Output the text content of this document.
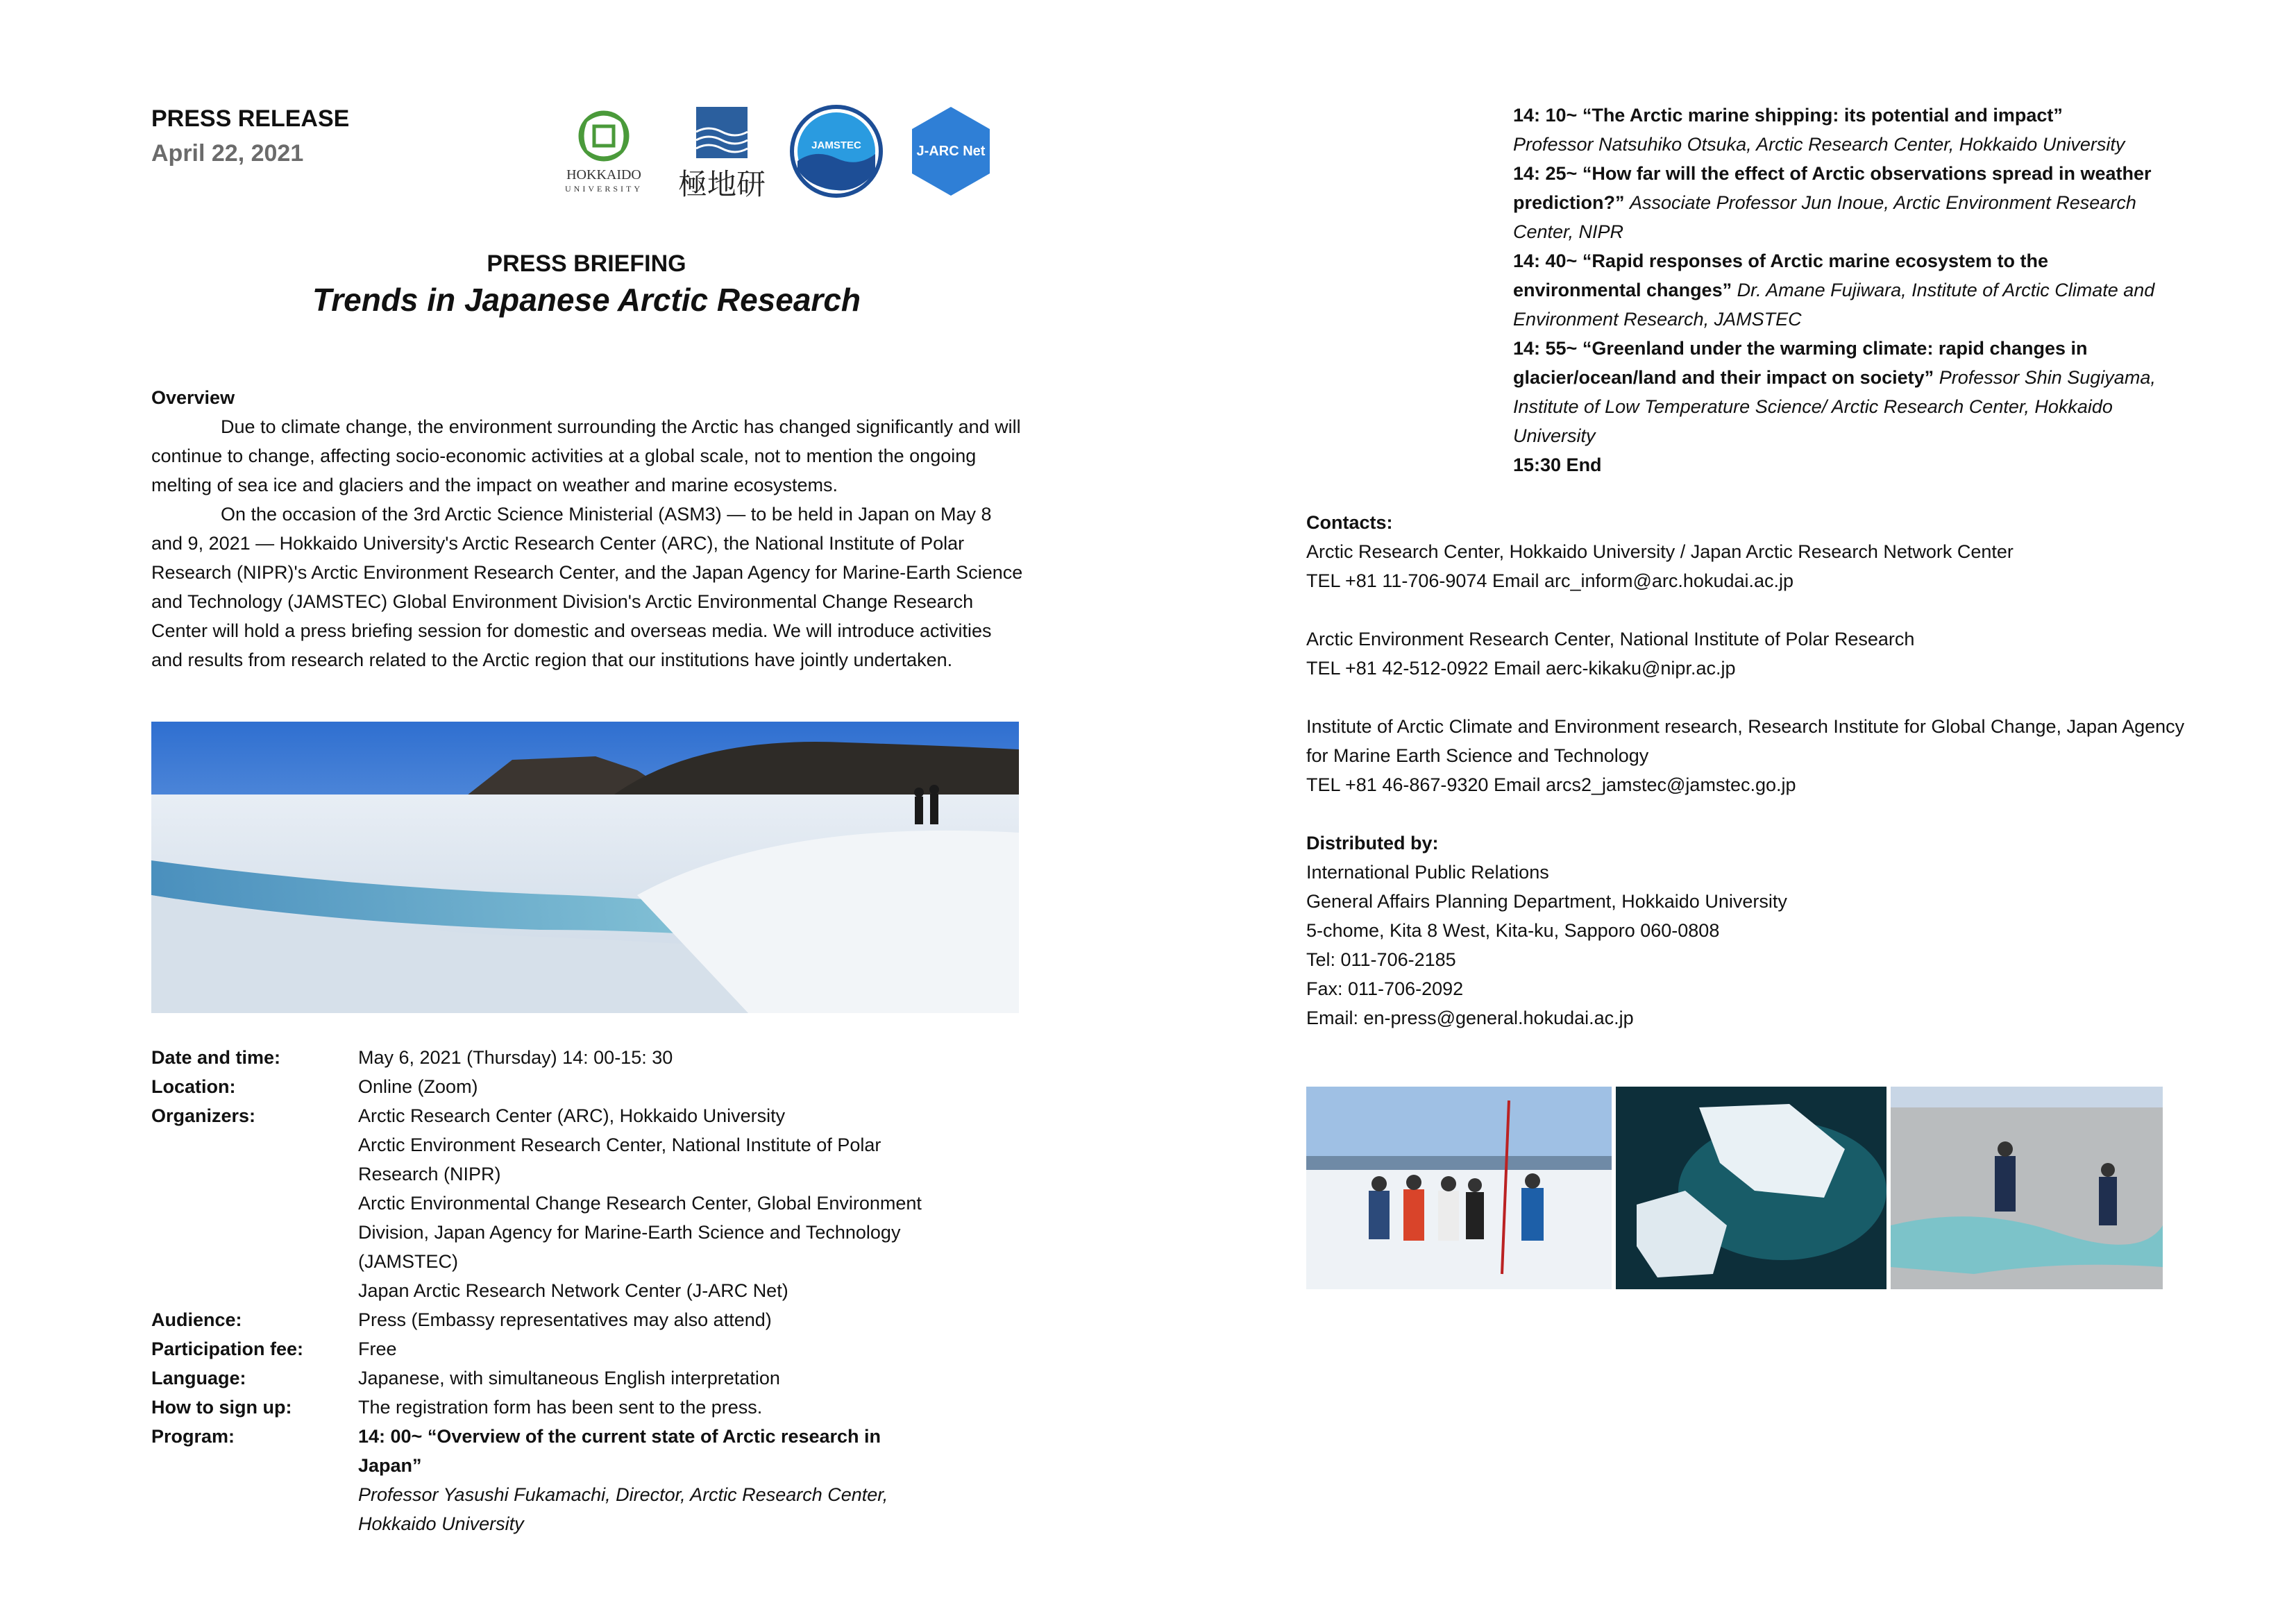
PRESS RELEASE
April 22, 2021
HOKKAIDO
UNIVERSITY 極地研
JAMSTEC	J-ARC Net
PRESS BRIEFING
Trends in Japanese Arctic Research
Overview
Due to climate change, the environment surrounding the Arctic has changed significantly and will continue to change, affecting socio-economic activities at a global scale, not to mention the ongoing melting of sea ice and glaciers and the impact on weather and marine ecosystems.
On the occasion of the 3rd Arctic Science Ministerial (ASM3) — to be held in Japan on May 8 and 9, 2021 — Hokkaido University's Arctic Research Center (ARC), the National Institute of Polar Research (NIPR)'s Arctic Environment Research Center, and the Japan Agency for Marine-Earth Science and Technology (JAMSTEC) Global Environment Division's Arctic Environmental Change Research Center will hold a press briefing session for domestic and overseas media. We will introduce activities and results from research related to the Arctic region that our institutions have jointly undertaken.
Date and time:	May 6, 2021 (Thursday) 14: 00-15: 30
Location:	Online (Zoom)
Organizers:	Arctic Research Center (ARC), Hokkaido University
Arctic Environment Research Center, National Institute of Polar Research (NIPR)
Arctic Environmental Change Research Center, Global Environment Division, Japan Agency for Marine-Earth Science and Technology (JAMSTEC)
Japan Arctic Research Network Center (J-ARC Net)
Audience:	Press (Embassy representatives may also attend)
Participation fee:	Free
Language:	Japanese, with simultaneous English interpretation
How to sign up:	The registration form has been sent to the press.
Program:	14: 00~ “Overview of the current state of Arctic research in Japan”
Professor Yasushi Fukamachi, Director, Arctic Research Center, Hokkaido University
14: 10~ “The Arctic marine shipping: its potential and impact”
Professor Natsuhiko Otsuka, Arctic Research Center, Hokkaido University
14: 25~ “How far will the effect of Arctic observations spread in weather prediction?” Associate Professor Jun Inoue, Arctic Environment Research Center, NIPR
14: 40~ “Rapid responses of Arctic marine ecosystem to the environmental changes” Dr. Amane Fujiwara, Institute of Arctic Climate and Environment Research, JAMSTEC
14: 55~ “Greenland under the warming climate: rapid changes in glacier/ocean/land and their impact on society” Professor Shin Sugiyama, Institute of Low Temperature Science/ Arctic Research Center, Hokkaido University
15:30 End
Contacts:
Arctic Research Center, Hokkaido University / Japan Arctic Research Network Center
TEL +81 11-706-9074 Email arc_inform@arc.hokudai.ac.jp
Arctic Environment Research Center, National Institute of Polar Research
TEL +81 42-512-0922 Email aerc-kikaku@nipr.ac.jp
Institute of Arctic Climate and Environment research, Research Institute for Global Change, Japan Agency for Marine Earth Science and Technology
TEL +81 46-867-9320 Email arcs2_jamstec@jamstec.go.jp
Distributed by:
International Public Relations
General Affairs Planning Department, Hokkaido University
5-chome, Kita 8 West, Kita-ku, Sapporo 060-0808
Tel: 011-706-2185
Fax: 011-706-2092
Email: en-press@general.hokudai.ac.jp
